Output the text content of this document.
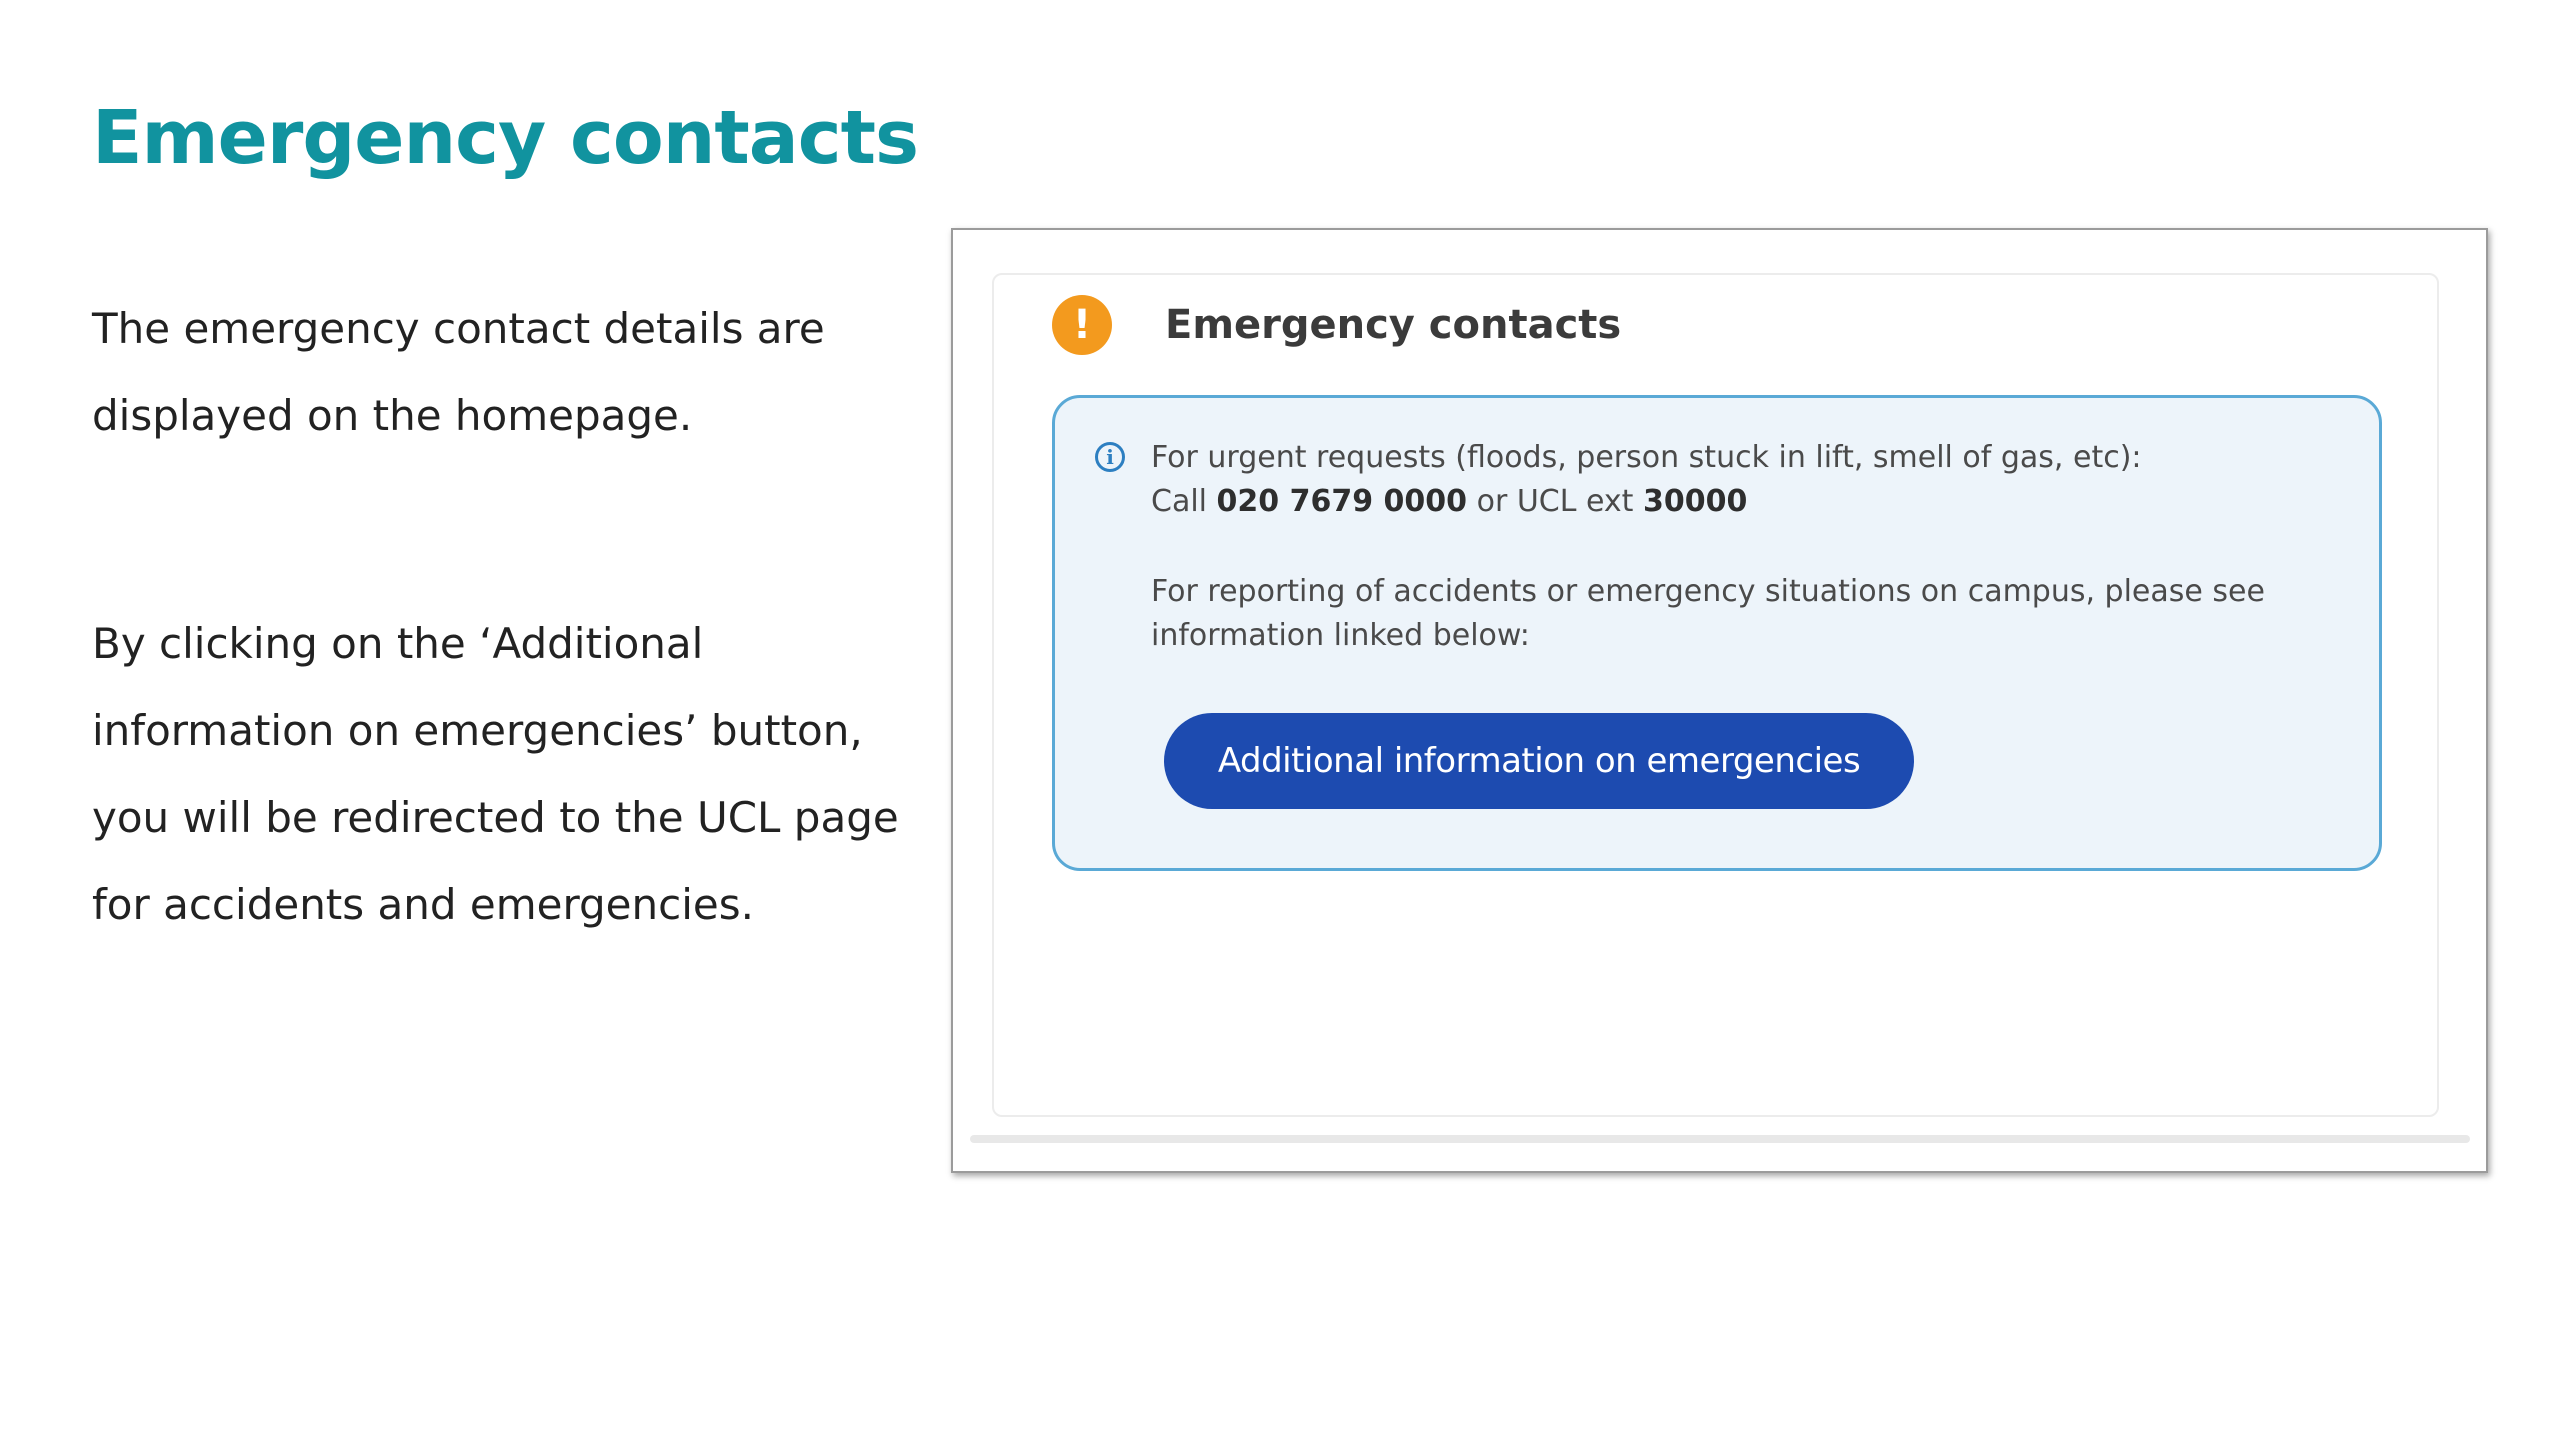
Emergency contacts

The emergency contact details are displayed on the homepage.

By clicking on the ‘Additional information on emergencies’ button, you will be redirected to the UCL page for accidents and emergencies.

!	Emergency contacts
i	For urgent requests (floods, person stuck in lift, smell of gas, etc):
Call 020 7679 0000 or UCL ext 30000

For reporting of accidents or emergency situations on campus, please see information linked below:

Additional information on emergencies
